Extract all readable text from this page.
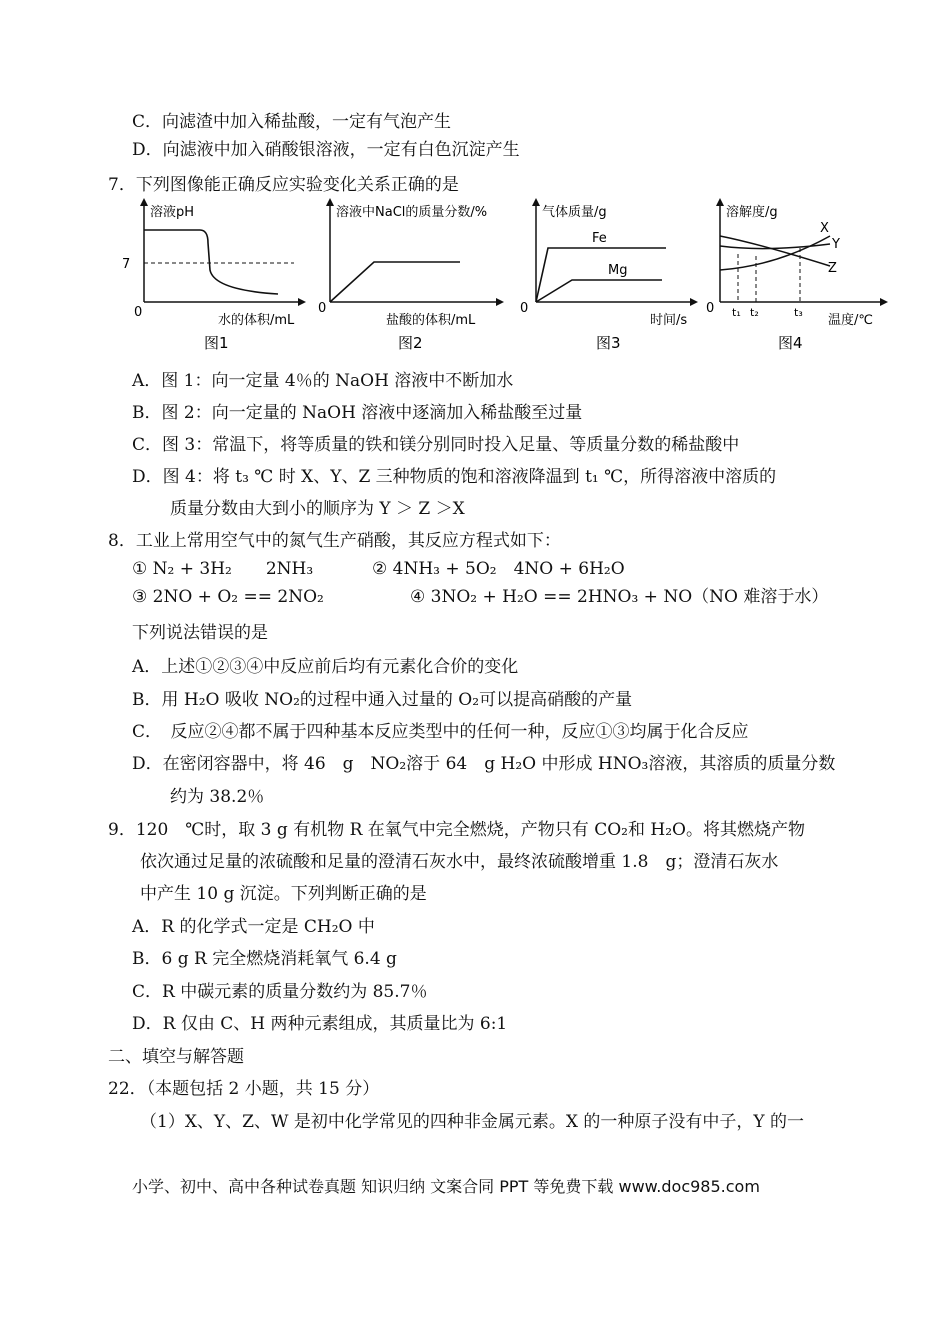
C．向滤渣中加入稀盐酸，一定有气泡产生
D．向滤液中加入硝酸银溶液，一定有白色沉淀产生
7．下列图像能正确反应实验变化关系正确的是
溶液pH
7
0
水的体积/mL
图1
溶液中NaCl的质量分数/%
0
盐酸的体积/mL
图2
气体质量/g
Fe
Mg
0
时间/s
图3
溶解度/g
X
Y
Z
0 t₁ t₂	t₃
温度/℃
图4
A．图 1：向一定量 4％的 NaOH 溶液中不断加水
B．图 2：向一定量的 NaOH 溶液中逐滴加入稀盐酸至过量
C．图 3：常温下，将等质量的铁和镁分别同时投入足量、等质量分数的稀盐酸中
D．图 4：将 t₃ ℃ 时 X、Y、Z 三种物质的饱和溶液降温到 t₁ ℃，所得溶液中溶质的
质量分数由大到小的顺序为 Y ＞ Z ＞X
8．工业上常用空气中的氮气生产硝酸，其反应方程式如下：
① N₂ + 3H₂　　2NH₃	② 4NH₃ + 5O₂　4NO + 6H₂O
③ 2NO + O₂ == 2NO₂	④ 3NO₂ + H₂O == 2HNO₃ + NO（NO 难溶于水）
下列说法错误的是
A．上述①②③④中反应前后均有元素化合价的变化
B．用 H₂O 吸收 NO₂的过程中通入过量的 O₂可以提高硝酸的产量
C．　反应②④都不属于四种基本反应类型中的任何一种，反应①③均属于化合反应
D．在密闭容器中，将 46　g　NO₂溶于 64　g H₂O 中形成 HNO₃溶液，其溶质的质量分数
约为 38.2％
9．120　℃时，取 3 g 有机物 R 在氧气中完全燃烧，产物只有 CO₂和 H₂O。将其燃烧产物
依次通过足量的浓硫酸和足量的澄清石灰水中，最终浓硫酸增重 1.8　g；澄清石灰水
中产生 10 g 沉淀。下列判断正确的是
A．R 的化学式一定是 CH₂O 中
B．6 g R 完全燃烧消耗氧气 6.4 g
C．R 中碳元素的质量分数约为 85.7％
D．R 仅由 C、H 两种元素组成，其质量比为 6:1
二、填空与解答题
22．（本题包括 2 小题，共 15 分）
（1）X、Y、Z、W 是初中化学常见的四种非金属元素。X 的一种原子没有中子，Y 的一
小学、初中、高中各种试卷真题 知识归纳 文案合同 PPT 等免费下载 www.doc985.com
